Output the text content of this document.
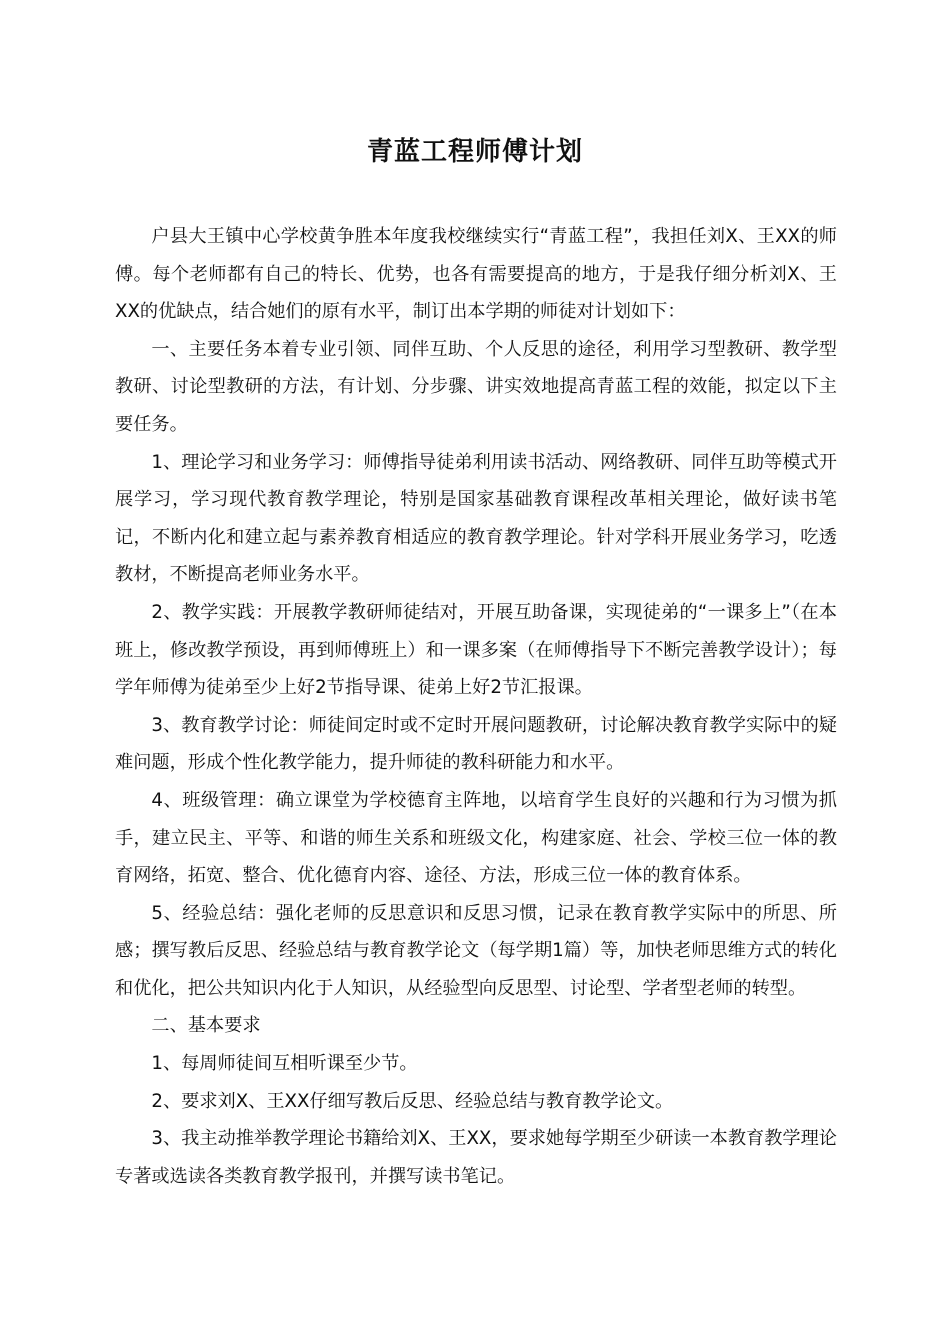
青蓝工程师傅计划

户县大王镇中心学校黄争胜本年度我校继续实行“青蓝工程”，我担任刘X、王XX的师傅。每个老师都有自己的特长、优势，也各有需要提高的地方，于是我仔细分析刘X、王XX的优缺点，结合她们的原有水平，制订出本学期的师徒对计划如下：

一、主要任务本着专业引领、同伴互助、个人反思的途径，利用学习型教研、教学型教研、讨论型教研的方法，有计划、分步骤、讲实效地提高青蓝工程的效能，拟定以下主要任务。

1、理论学习和业务学习：师傅指导徒弟利用读书活动、网络教研、同伴互助等模式开展学习，学习现代教育教学理论，特别是国家基础教育课程改革相关理论，做好读书笔记，不断内化和建立起与素养教育相适应的教育教学理论。针对学科开展业务学习，吃透教材，不断提高老师业务水平。

2、教学实践：开展教学教研师徒结对，开展互助备课，实现徒弟的“一课多上”（在本班上，修改教学预设，再到师傅班上）和一课多案（在师傅指导下不断完善教学设计）；每学年师傅为徒弟至少上好2节指导课、徒弟上好2节汇报课。

3、教育教学讨论：师徒间定时或不定时开展问题教研，讨论解决教育教学实际中的疑难问题，形成个性化教学能力，提升师徒的教科研能力和水平。

4、班级管理：确立课堂为学校德育主阵地，以培育学生良好的兴趣和行为习惯为抓手，建立民主、平等、和谐的师生关系和班级文化，构建家庭、社会、学校三位一体的教育网络，拓宽、整合、优化德育内容、途径、方法，形成三位一体的教育体系。

5、经验总结：强化老师的反思意识和反思习惯，记录在教育教学实际中的所思、所感；撰写教后反思、经验总结与教育教学论文（每学期1篇）等，加快老师思维方式的转化和优化，把公共知识内化于人知识，从经验型向反思型、讨论型、学者型老师的转型。

二、基本要求

1、每周师徒间互相听课至少节。

2、要求刘X、王XX仔细写教后反思、经验总结与教育教学论文。

3、我主动推举教学理论书籍给刘X、王XX，要求她每学期至少研读一本教育教学理论专著或选读各类教育教学报刊，并撰写读书笔记。
